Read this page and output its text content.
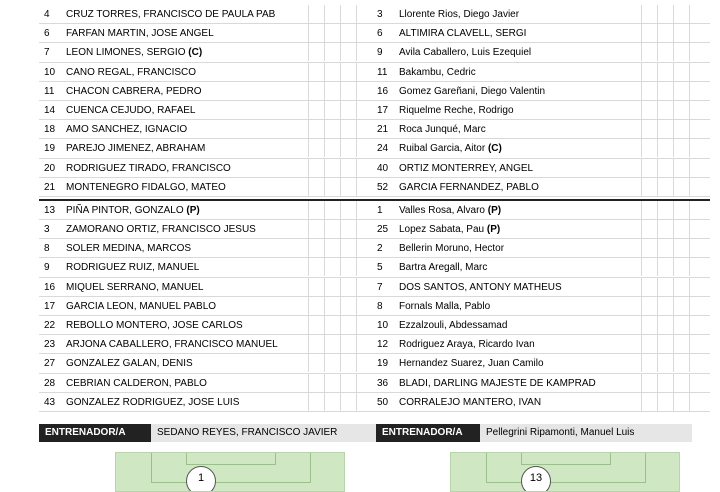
4	CRUZ TORRES, FRANCISCO DE PAULA PAB
6	FARFAN MARTIN, JOSE ANGEL
7	LEON LIMONES, SERGIO (C)
10	CANO REGAL, FRANCISCO
11	CHACON CABRERA, PEDRO
14	CUENCA CEJUDO, RAFAEL
18	AMO SANCHEZ, IGNACIO
19	PAREJO JIMENEZ, ABRAHAM
20	RODRIGUEZ TIRADO, FRANCISCO
21	MONTENEGRO FIDALGO, MATEO
13	PIÑA PINTOR, GONZALO (P)
3	ZAMORANO ORTIZ, FRANCISCO JESUS
8	SOLER MEDINA, MARCOS
9	RODRIGUEZ RUIZ, MANUEL
16	MIQUEL SERRANO, MANUEL
17	GARCIA LEON, MANUEL PABLO
22	REBOLLO MONTERO, JOSE CARLOS
23	ARJONA CABALLERO, FRANCISCO MANUEL
27	GONZALEZ GALAN, DENIS
28	CEBRIAN CALDERON, PABLO
43	GONZALEZ RODRIGUEZ, JOSE LUIS
3	Llorente Rios, Diego Javier
6	ALTIMIRA CLAVELL, SERGI
9	Avila Caballero, Luis Ezequiel
11	Bakambu, Cedric
16	Gomez Gareñani, Diego Valentin
17	Riquelme Reche, Rodrigo
21	Roca Junqué, Marc
24	Ruibal Garcia, Aitor (C)
40	ORTIZ MONTERREY, ANGEL
52	GARCIA FERNANDEZ, PABLO
1	Valles Rosa, Alvaro (P)
25	Lopez Sabata, Pau (P)
2	Bellerin Moruno, Hector
5	Bartra Aregall, Marc
7	DOS SANTOS, ANTONY MATHEUS
8	Fornals Malla, Pablo
10	Ezzalzouli, Abdessamad
12	Rodriguez Araya, Ricardo Ivan
19	Hernandez Suarez, Juan Camilo
36	BLADI, DARLING MAJESTE DE KAMPRAD
50	CORRALEJO MANTERO, IVAN
ENTRENADOR/A	SEDANO REYES, FRANCISCO JAVIER	ENTRENADOR/A	Pellegrini Ripamonti, Manuel Luis
1	13
